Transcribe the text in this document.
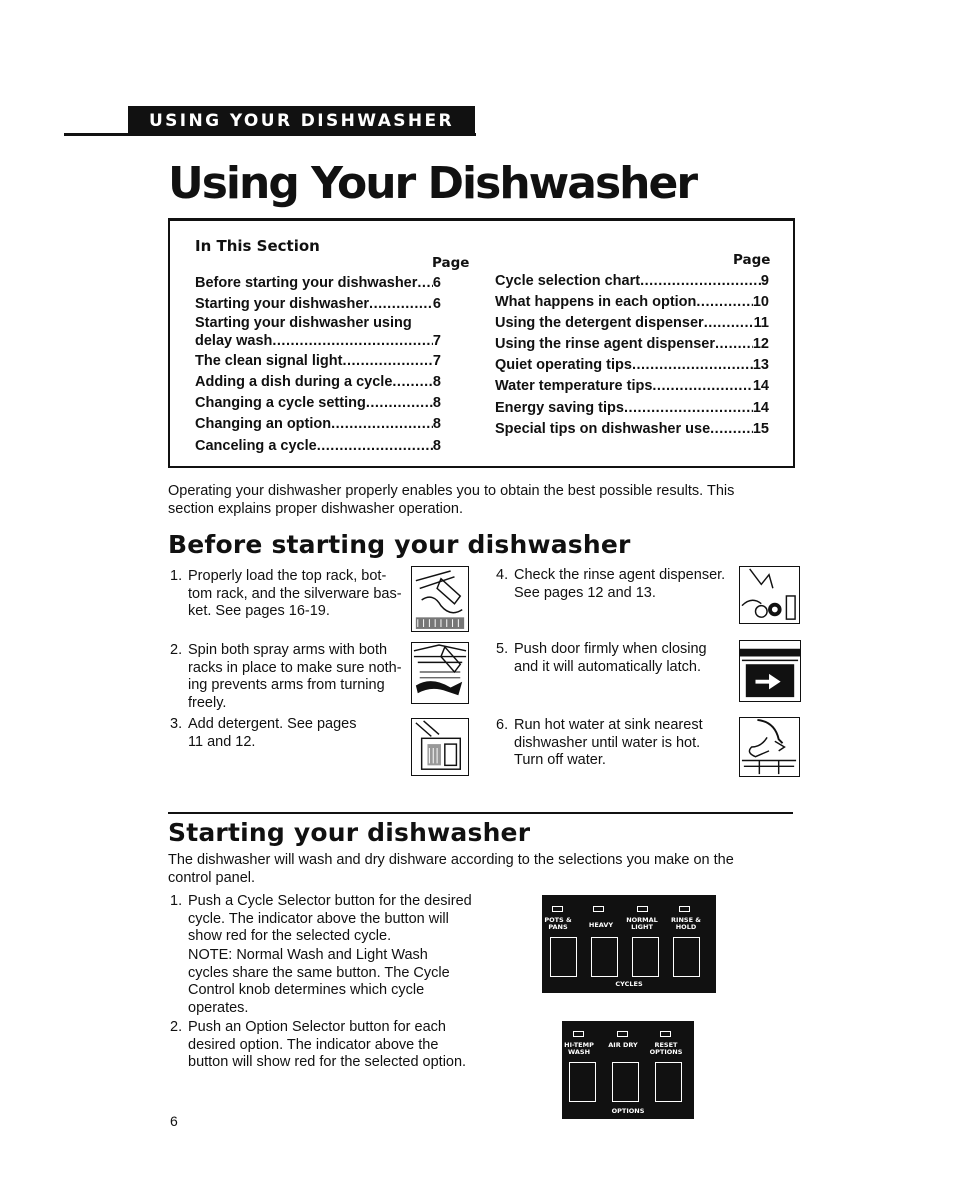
USING YOUR DISHWASHER
Using Your Dishwasher
In This Section
Page	Page
Before starting your dishwasher ..... 6
Starting your dishwasher .....	6
Starting your dishwasher using
delay wash .....	7
The clean signal light .....	7
Adding a dish during a cycle .....	8
Changing a cycle setting .....	8
Changing an option .....	8
Canceling a cycle .....	8
Cycle selection chart .....	9
What happens in each option .....	10
Using the detergent dispenser .....	11
Using the rinse agent dispenser .....	12
Quiet operating tips .....	13
Water temperature tips .....	14
Energy saving tips .....	14
Special tips on dishwasher use .....	15
Operating your dishwasher properly enables you to obtain the best possible results. This section explains proper dishwasher operation.
Before starting your dishwasher
1. Properly load the top rack, bot-
tom rack, and the silverware bas-
ket. See pages 16-19.
2. Spin both spray arms with both
racks in place to make sure noth-
ing prevents arms from turning
freely.
3. Add detergent. See pages
11 and 12.
4. Check the rinse agent dispenser.
See pages 12 and 13.
5. Push door firmly when closing
and it will automatically latch.
6. Run hot water at sink nearest
dishwasher until water is hot.
Turn off water.
Starting your dishwasher
The dishwasher will wash and dry dishware according to the selections you make on the control panel.
1. Push a Cycle Selector button for the desired
cycle. The indicator above the button will
show red for the selected cycle.
NOTE: Normal Wash and Light Wash
cycles share the same button. The Cycle
Control knob determines which cycle
operates.
2. Push an Option Selector button for each
desired option. The indicator above the
button will show red for the selected option.
POTS & PANS	HEAVY
NORMAL LIGHT
RINSE & HOLD
CYCLES
HI-TEMP WASH
AIR DRY	RESET OPTIONS
OPTIONS
6
